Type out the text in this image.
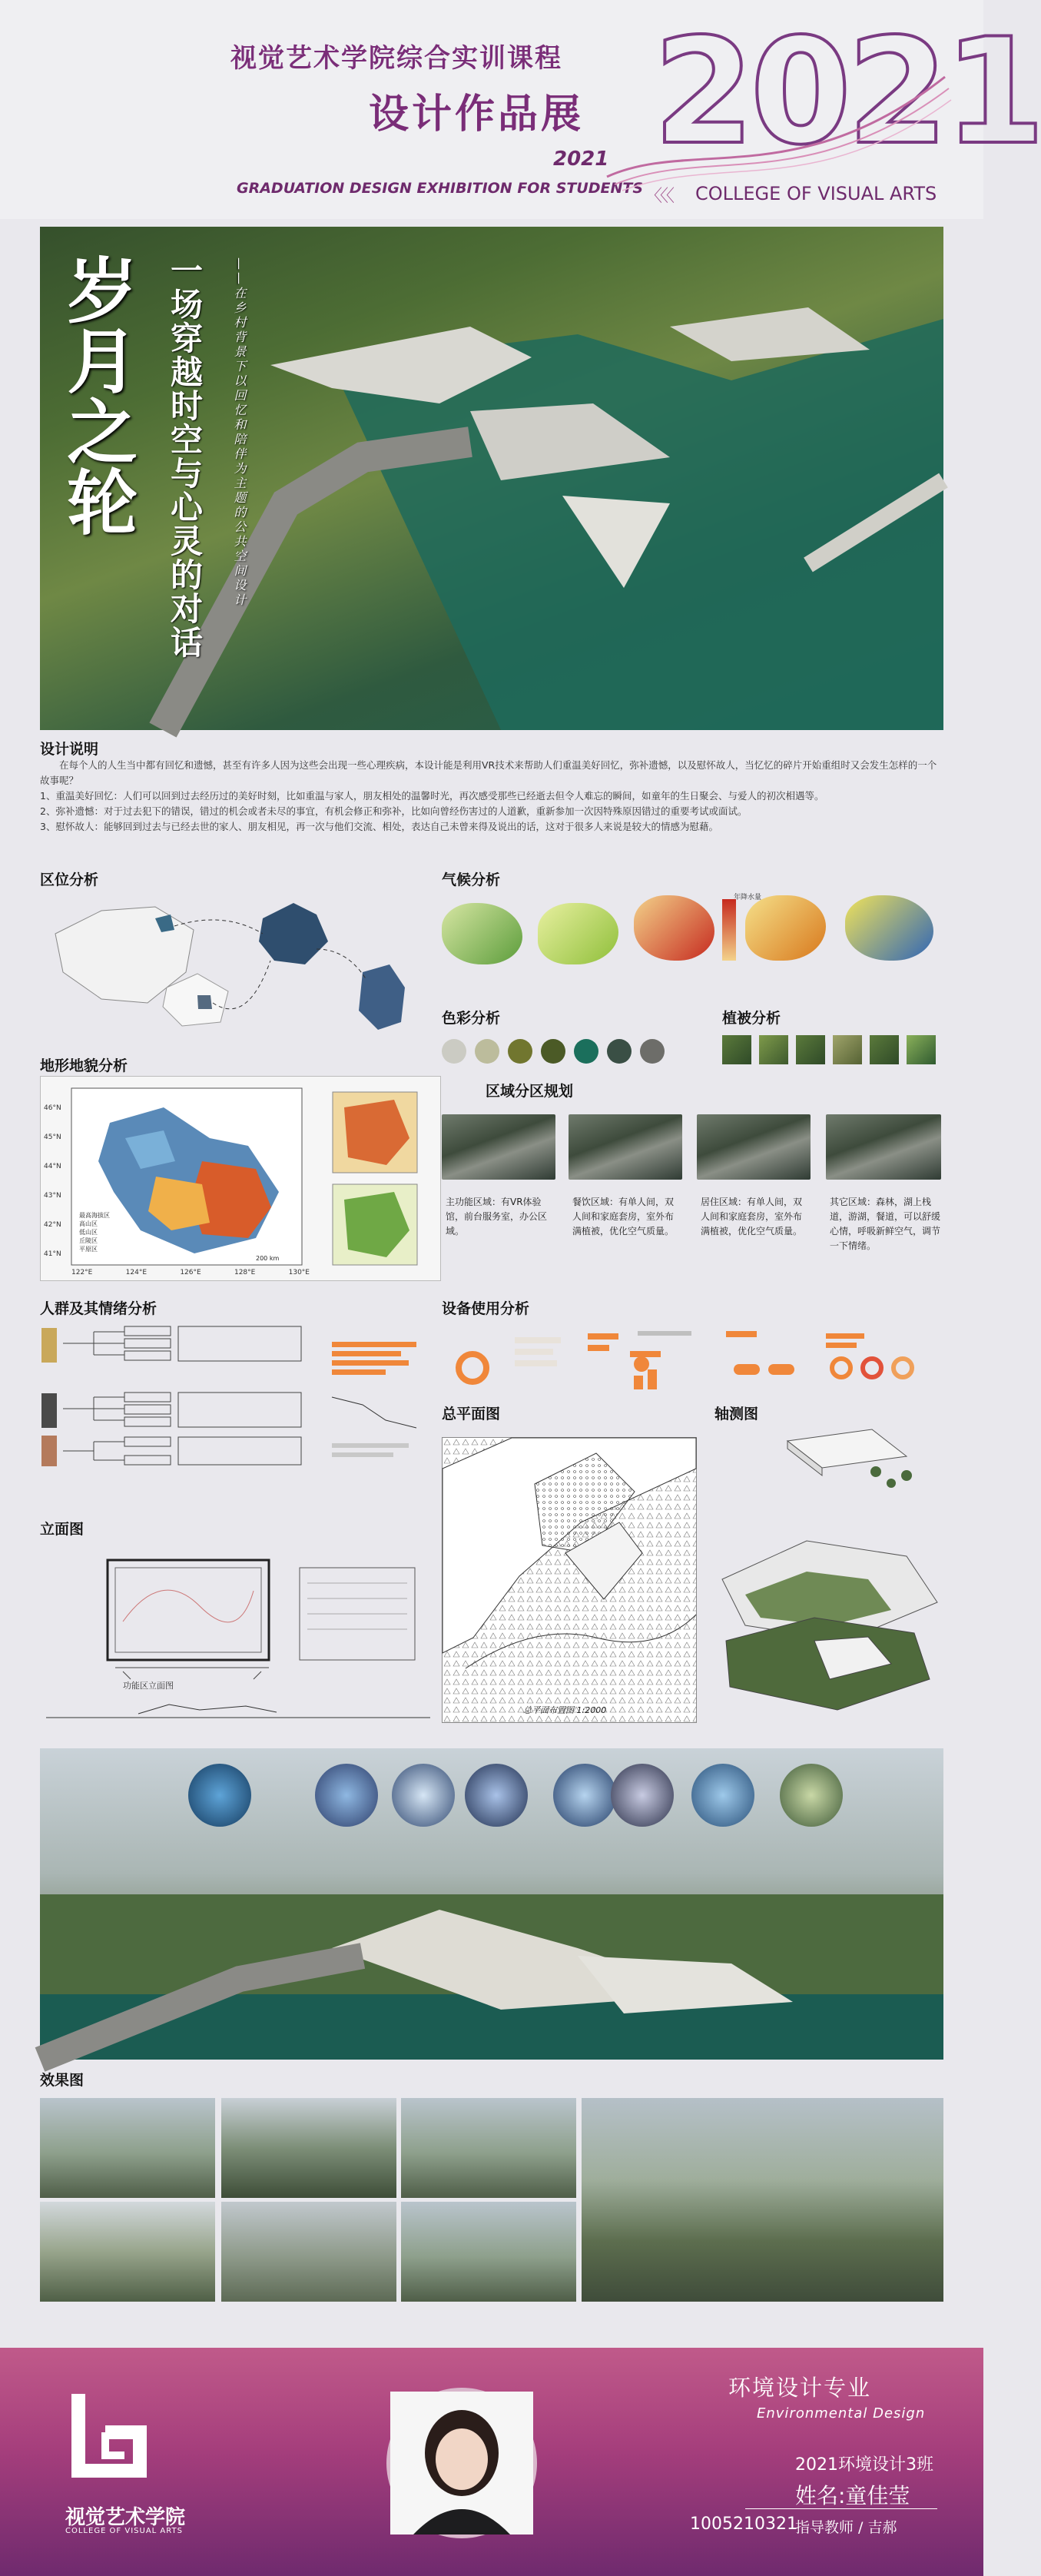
视觉艺术学院综合实训课程
设计作品展
2021
GRADUATION DESIGN EXHIBITION FOR STUDENTS
2021
〈〈〈 COLLEGE OF VISUAL ARTS
岁月之轮 一场穿越时空与心灵的对话	——在乡村背景下以回忆和陪伴为主题的公共空间设计
设计说明
在每个人的人生当中都有回忆和遗憾，甚至有许多人因为这些会出现一些心理疾病，本设计能是利用VR技术来帮助人们重温美好回忆，弥补遗憾，以及慰怀故人，当忆忆的碎片开始重组时又会发生怎样的一个故事呢？
1、重温美好回忆：人们可以回到过去经历过的美好时刻，比如重温与家人，朋友相处的温馨时光，再次感受那些已经逝去但令人难忘的瞬间，如童年的生日聚会、与爱人的初次相遇等。
2、弥补遗憾：对于过去犯下的错误，错过的机会或者未尽的事宜，有机会修正和弥补，比如向曾经伤害过的人道歉，重新参加一次因特殊原因错过的重要考试或面试。
3、慰怀故人：能够回到过去与已经去世的家人、朋友相见，再一次与他们交流、相处，表达自己未曾来得及说出的话，这对于很多人来说是较大的情感为慰藉。
区位分析	气候分析
年降水量
色彩分析	植被分析
地形地貌分析
46°N
45°N
44°N
43°N
42°N
41°N
122°E	124°E	126°E	128°E	130°E
最高海拔区
高山区
低山区
丘陵区
平原区
200 km
区域分区规划
主功能区域：有VR体验馆，前台服务室，办公区域。
餐饮区域：有单人间，双人间和家庭套房，室外布满植被，优化空气质量。
居住区域：有单人间，双人间和家庭套房，室外布满植被，优化空气质量。
其它区域：森林，湖上栈道，游湖，餐道，可以舒缓心情，呼吸新鲜空气，调节一下情绪。
人群及其情绪分析	设备使用分析
总平面图
总平面布置图 1:2000
轴测图
立面图
功能区立面图
效果图
视觉艺术学院
COLLEGE OF VISUAL ARTS
环境设计专业
Environmental Design
2021环境设计3班
姓名:童佳莹
1005210321
指导教师 / 吉郝
